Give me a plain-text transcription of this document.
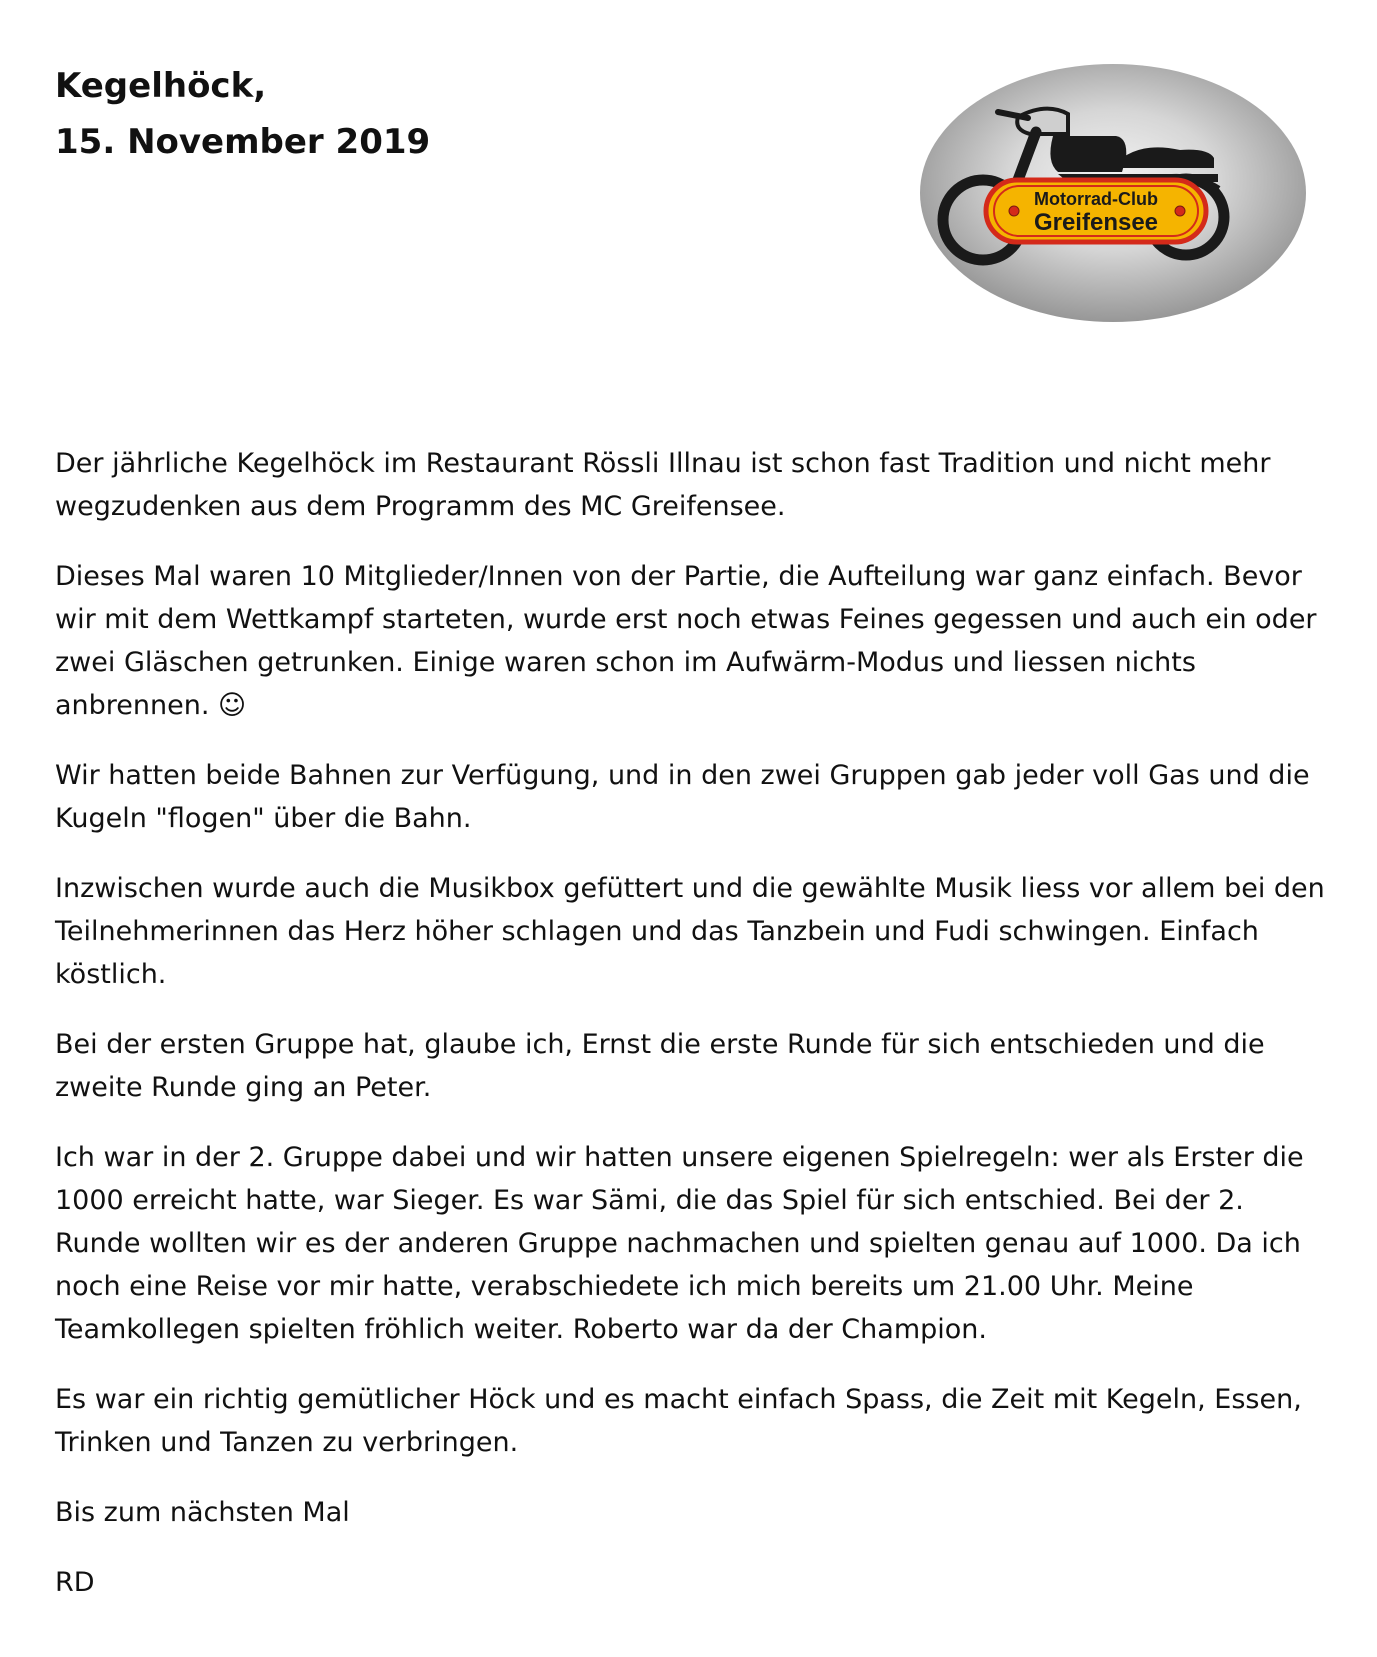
Kegelhöck,
15. November 2019
Motorrad-Club
Greifensee

Der jährliche Kegelhöck im Restaurant Rössli Illnau ist schon fast Tradition und nicht mehr wegzudenken aus dem Programm des MC Greifensee.

Dieses Mal waren 10 Mitglieder/Innen von der Partie, die Aufteilung war ganz einfach. Bevor wir mit dem Wettkampf starteten, wurde erst noch etwas Feines gegessen und auch ein oder zwei Gläschen getrunken. Einige waren schon im Aufwärm-Modus und liessen nichts anbrennen. ☺

Wir hatten beide Bahnen zur Verfügung, und in den zwei Gruppen gab jeder voll Gas und die Kugeln "flogen" über die Bahn.

Inzwischen wurde auch die Musikbox gefüttert und die gewählte Musik liess vor allem bei den Teilnehmerinnen das Herz höher schlagen und das Tanzbein und Fudi schwingen. Einfach köstlich.

Bei der ersten Gruppe hat, glaube ich, Ernst die erste Runde für sich entschieden und die zweite Runde ging an Peter.

Ich war in der 2. Gruppe dabei und wir hatten unsere eigenen Spielregeln: wer als Erster die 1000 erreicht hatte, war Sieger. Es war Sämi, die das Spiel für sich entschied. Bei der 2. Runde wollten wir es der anderen Gruppe nachmachen und spielten genau auf 1000. Da ich noch eine Reise vor mir hatte, verabschiedete ich mich bereits um 21.00 Uhr. Meine Teamkollegen spielten fröhlich weiter. Roberto war da der Champion.

Es war ein richtig gemütlicher Höck und es macht einfach Spass, die Zeit mit Kegeln, Essen, Trinken und Tanzen zu verbringen.

Bis zum nächsten Mal

RD
